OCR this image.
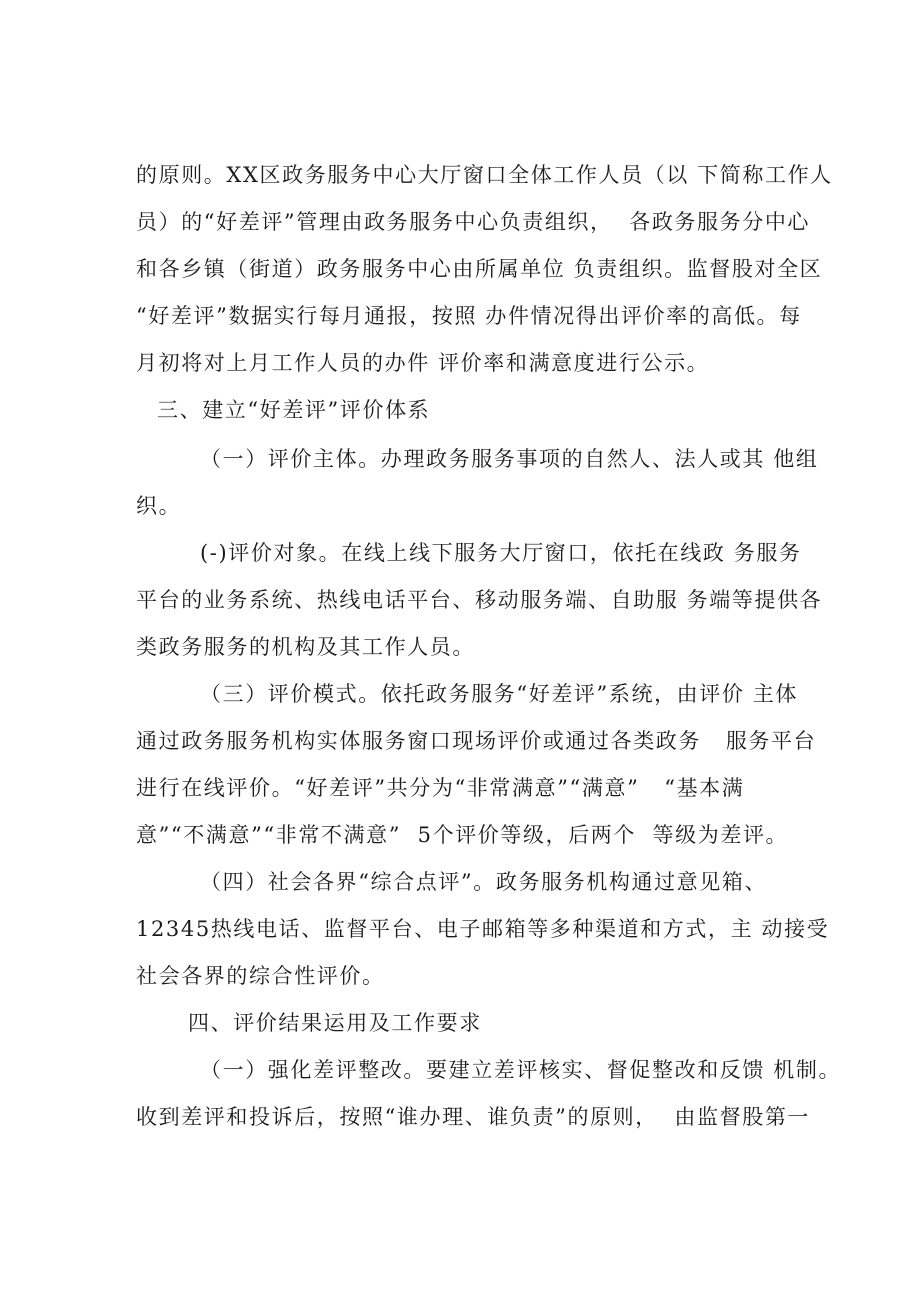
的原则。XX区政务服务中心大厅窗口全体工作人员（以 下简称工作人
员）的“好差评”管理由政务服务中心负责组织，  各政务服务分中心
和各乡镇（街道）政务服务中心由所属单位 负责组织。监督股对全区
“好差评”数据实行每月通报，按照 办件情况得出评价率的高低。每
月初将对上月工作人员的办件 评价率和满意度进行公示。
三、建立“好差评”评价体系
（一）评价主体。办理政务服务事项的自然人、法人或其 他组
织。
(-)评价对象。在线上线下服务大厅窗口，依托在线政 务服务
平台的业务系统、热线电话平台、移动服务端、自助服 务端等提供各
类政务服务的机构及其工作人员。
（三）评价模式。依托政务服务“好差评”系统，由评价 主体
通过政务服务机构实体服务窗口现场评价或通过各类政务   服务平台
进行在线评价。“好差评”共分为“非常满意”“满意”   “基本满
意”“不满意”“非常不满意”  5个评价等级，后两个  等级为差评。
（四）社会各界“综合点评”。政务服务机构通过意见箱、
12345热线电话、监督平台、电子邮箱等多种渠道和方式，主 动接受
社会各界的综合性评价。
四、评价结果运用及工作要求
（一）强化差评整改。要建立差评核实、督促整改和反馈 机制。
收到差评和投诉后，按照“谁办理、谁负责”的原则，  由监督股第一
